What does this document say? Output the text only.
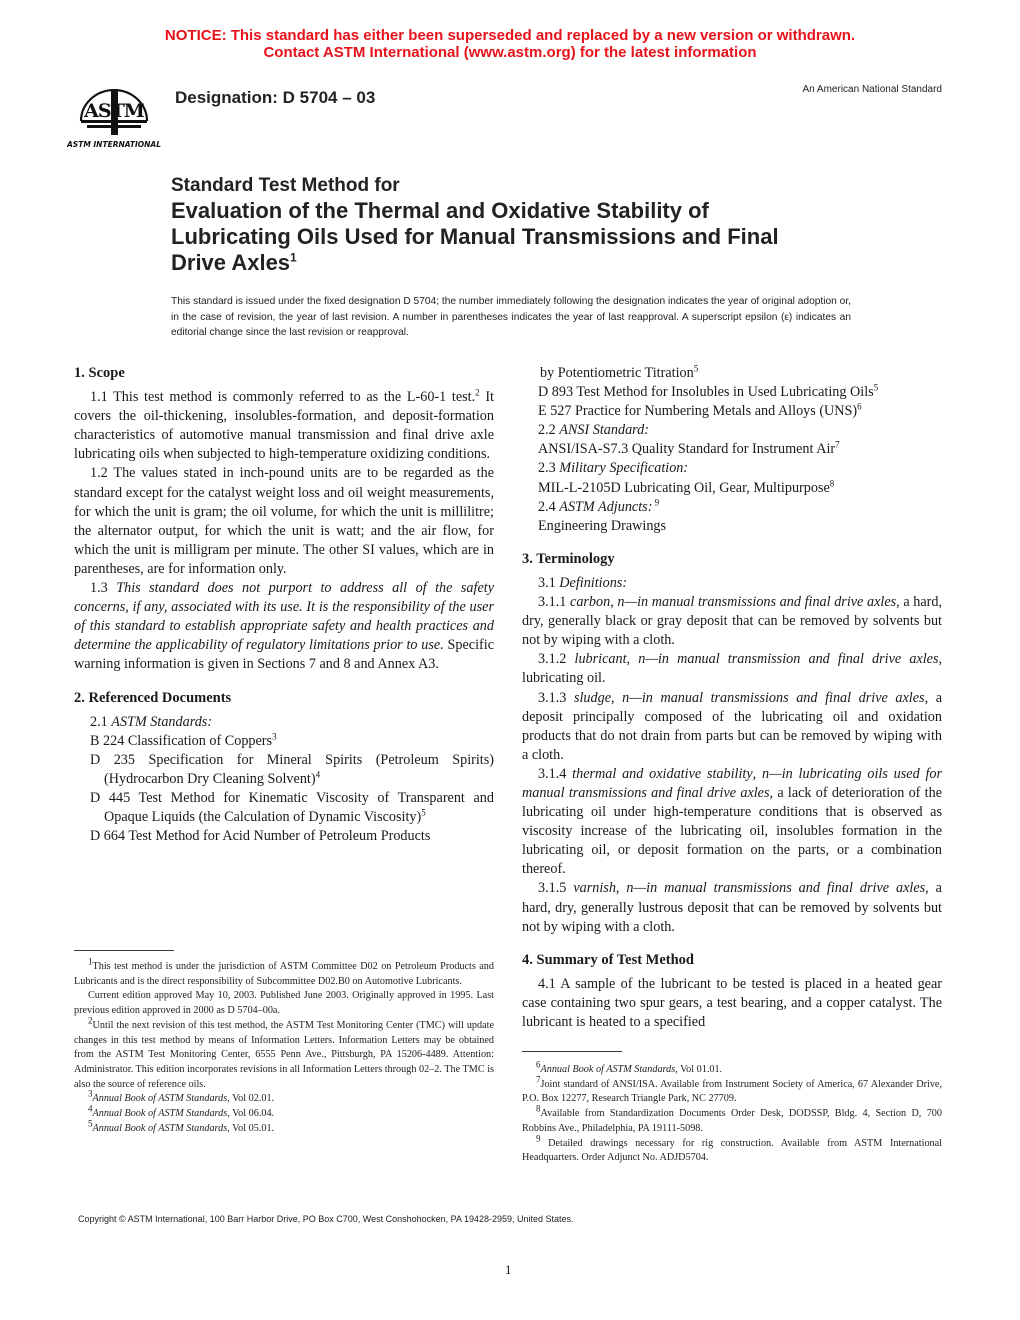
NOTICE: This standard has either been superseded and replaced by a new version or withdrawn.
Contact ASTM International (www.astm.org) for the latest information
ASTM
ASTM INTERNATIONAL
Designation: D 5704 – 03	An American National Standard
Standard Test Method for
Evaluation of the Thermal and Oxidative Stability of
Lubricating Oils Used for Manual Transmissions and Final
Drive Axles$^1$
This standard is issued under the fixed designation D 5704; the number immediately following the designation indicates the year of original adoption or, in the case of revision, the year of last revision. A number in parentheses indicates the year of last reapproval. A superscript epsilon (ε) indicates an editorial change since the last revision or reapproval.

1. Scope

1.1 This test method is commonly referred to as the L-60-1 test.$^2$ It covers the oil-thickening, insolubles-formation, and deposit-formation characteristics of automotive manual transmission and final drive axle lubricating oils when subjected to high-temperature oxidizing conditions.

1.2 The values stated in inch-pound units are to be regarded as the standard except for the catalyst weight loss and oil weight measurements, for which the unit is gram; the oil volume, for which the unit is millilitre; the alternator output, for which the unit is watt; and the air flow, for which the unit is milligram per minute. The other SI values, which are in parentheses, are for information only.

1.3 This standard does not purport to address all of the safety concerns, if any, associated with its use. It is the responsibility of the user of this standard to establish appropriate safety and health practices and determine the applicability of regulatory limitations prior to use. Specific warning information is given in Sections 7 and 8 and Annex A3.

2. Referenced Documents

2.1 ASTM Standards:

B 224 Classification of Coppers$^3$

D 235 Specification for Mineral Spirits (Petroleum Spirits) (Hydrocarbon Dry Cleaning Solvent)$^4$

D 445 Test Method for Kinematic Viscosity of Transparent and Opaque Liquids (the Calculation of Dynamic Viscosity)$^5$

D 664 Test Method for Acid Number of Petroleum Products

by Potentiometric Titration$^5$

D 893 Test Method for Insolubles in Used Lubricating Oils$^5$

E 527 Practice for Numbering Metals and Alloys (UNS)$^6$

2.2 ANSI Standard:

ANSI/ISA-S7.3 Quality Standard for Instrument Air$^7$

2.3 Military Specification:

MIL-L-2105D Lubricating Oil, Gear, Multipurpose$^8$

2.4 ASTM Adjuncts: $^9$

Engineering Drawings

3. Terminology

3.1 Definitions:

3.1.1 carbon, n—in manual transmissions and final drive axles, a hard, dry, generally black or gray deposit that can be removed by solvents but not by wiping with a cloth.

3.1.2 lubricant, n—in manual transmission and final drive axles, lubricating oil.

3.1.3 sludge, n—in manual transmissions and final drive axles, a deposit principally composed of the lubricating oil and oxidation products that do not drain from parts but can be removed by wiping with a cloth.

3.1.4 thermal and oxidative stability, n—in lubricating oils used for manual transmissions and final drive axles, a lack of deterioration of the lubricating oil under high-temperature conditions that is observed as viscosity increase of the lubricating oil, insolubles formation in the lubricating oil, or deposit formation on the parts, or a combination thereof.

3.1.5 varnish, n—in manual transmissions and final drive axles, a hard, dry, generally lustrous deposit that can be removed by solvents but not by wiping with a cloth.

4. Summary of Test Method

4.1 A sample of the lubricant to be tested is placed in a heated gear case containing two spur gears, a test bearing, and a copper catalyst. The lubricant is heated to a specified

$^1$This test method is under the jurisdiction of ASTM Committee D02 on Petroleum Products and Lubricants and is the direct responsibility of Subcommittee D02.B0 on Automotive Lubricants.

Current edition approved May 10, 2003. Published June 2003. Originally approved in 1995. Last previous edition approved in 2000 as D 5704–00a.

$^2$Until the next revision of this test method, the ASTM Test Monitoring Center (TMC) will update changes in this test method by means of Information Letters. Information Letters may be obtained from the ASTM Test Monitoring Center, 6555 Penn Ave., Pittsburgh, PA 15206-4489. Attention: Administrator. This edition incorporates revisions in all Information Letters through 02–2. The TMC is also the source of reference oils.

$^3$Annual Book of ASTM Standards, Vol 02.01.

$^4$Annual Book of ASTM Standards, Vol 06.04.

$^5$Annual Book of ASTM Standards, Vol 05.01.

$^6$Annual Book of ASTM Standards, Vol 01.01.

$^7$Joint standard of ANSI/ISA. Available from Instrument Society of America, 67 Alexander Drive, P.O. Box 12277, Research Triangle Park, NC 27709.

$^8$Available from Standardization Documents Order Desk, DODSSP, Bldg. 4, Section D, 700 Robbins Ave., Philadelphia, PA 19111-5098.

$^9$ Detailed drawings necessary for rig construction. Available from ASTM International Headquarters. Order Adjunct No. ADJD5704.

Copyright © ASTM International, 100 Barr Harbor Drive, PO Box C700, West Conshohocken, PA 19428-2959, United States.
1
